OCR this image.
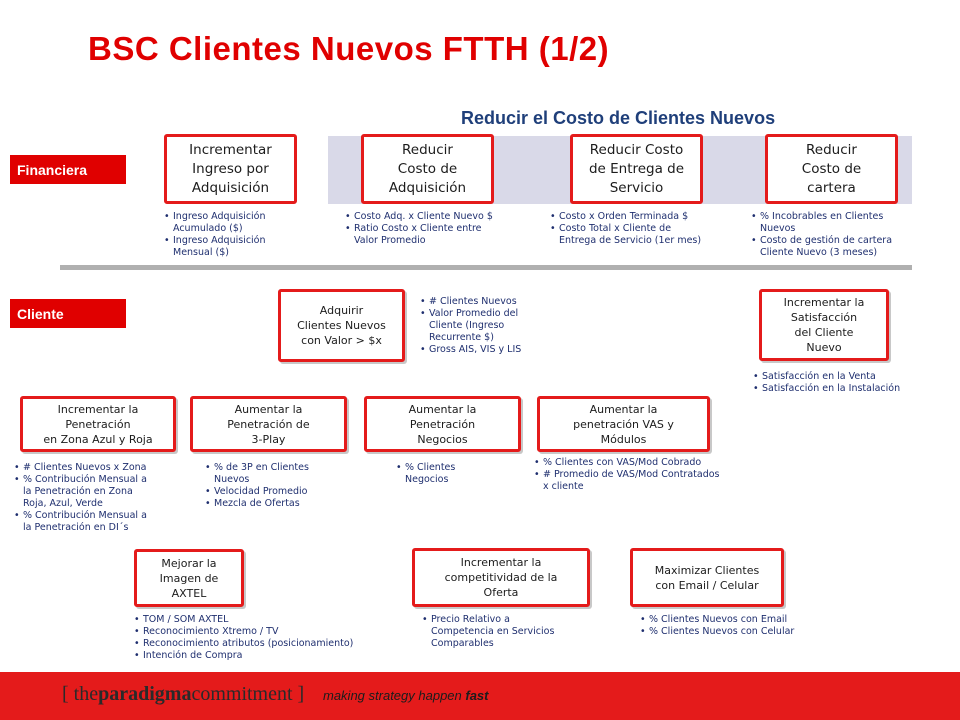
BSC Clientes Nuevos FTTH (1/2)
Reducir el Costo de Clientes Nuevos
Financiera
Cliente
Incrementar
Ingreso por
Adquisición
Reducir
Costo de
Adquisición
Reducir Costo
de Entrega de
Servicio
Reducir
Costo de
cartera
• Ingreso Adquisición
Acumulado ($)
• Ingreso Adquisición
Mensual ($)
• Costo Adq. x Cliente Nuevo $
• Ratio Costo x Cliente entre
Valor Promedio
• Costo x Orden Terminada $
• Costo Total x Cliente de
Entrega de Servicio (1er mes)
• % Incobrables en Clientes
Nuevos
• Costo de gestión de cartera
Cliente Nuevo (3 meses)
Adquirir
Clientes Nuevos
con Valor > $x
Incrementar la
Satisfacción
del Cliente
Nuevo
• # Clientes Nuevos
• Valor Promedio del
Cliente (Ingreso
Recurrente $)
• Gross AIS, VIS y LIS
• Satisfacción en la Venta
• Satisfacción en la Instalación
Incrementar la
Penetración
en Zona Azul y Roja
Aumentar la
Penetración de
3-Play
Aumentar la
Penetración
Negocios
Aumentar la
penetración VAS y
Módulos
• # Clientes Nuevos x Zona
• % Contribución Mensual a
la Penetración en Zona
Roja, Azul, Verde
• % Contribución Mensual a
la Penetración en DI´s
• % de 3P en Clientes
Nuevos
• Velocidad Promedio
• Mezcla de Ofertas
• % Clientes
Negocios
• % Clientes con VAS/Mod Cobrado
• # Promedio de VAS/Mod Contratados
x cliente
Mejorar la
Imagen de
AXTEL
Incrementar la
competitividad de la
Oferta
Maximizar Clientes
con Email / Celular
• TOM / SOM AXTEL
• Reconocimiento Xtremo / TV
• Reconocimiento atributos (posicionamiento)
• Intención de Compra
• Precio Relativo a
Competencia en Servicios
Comparables
• % Clientes Nuevos con Email
• % Clientes Nuevos con Celular
[ theparadigmacommitment ] making strategy happen fast
